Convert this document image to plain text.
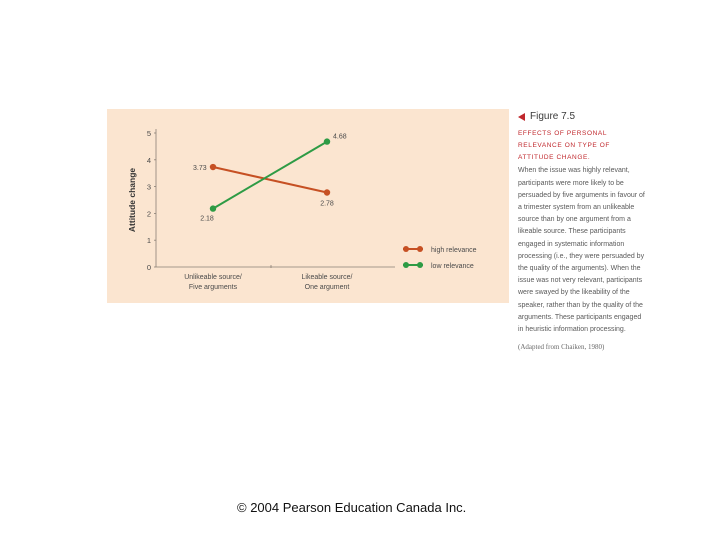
0
1
2
3
4
5
Attitude change
Unlikeable source/
Five arguments
Likeable source/
One argument
3.73
2.78
2.18
4.68
high relevance
low relevance
Figure 7.5
EFFECTS OF PERSONAL RELEVANCE ON TYPE OF ATTITUDE CHANGE.
When the issue was highly relevant, participants were more likely to be persuaded by five arguments in favour of a trimester system from an unlikeable source than by one argument from a likeable source. These participants engaged in systematic information processing (i.e., they were persuaded by the quality of the arguments). When the issue was not very relevant, participants were swayed by the likeability of the speaker, rather than by the quality of the arguments. These participants engaged in heuristic information processing.
(Adapted from Chaiken, 1980)
© 2004 Pearson Education Canada Inc.
